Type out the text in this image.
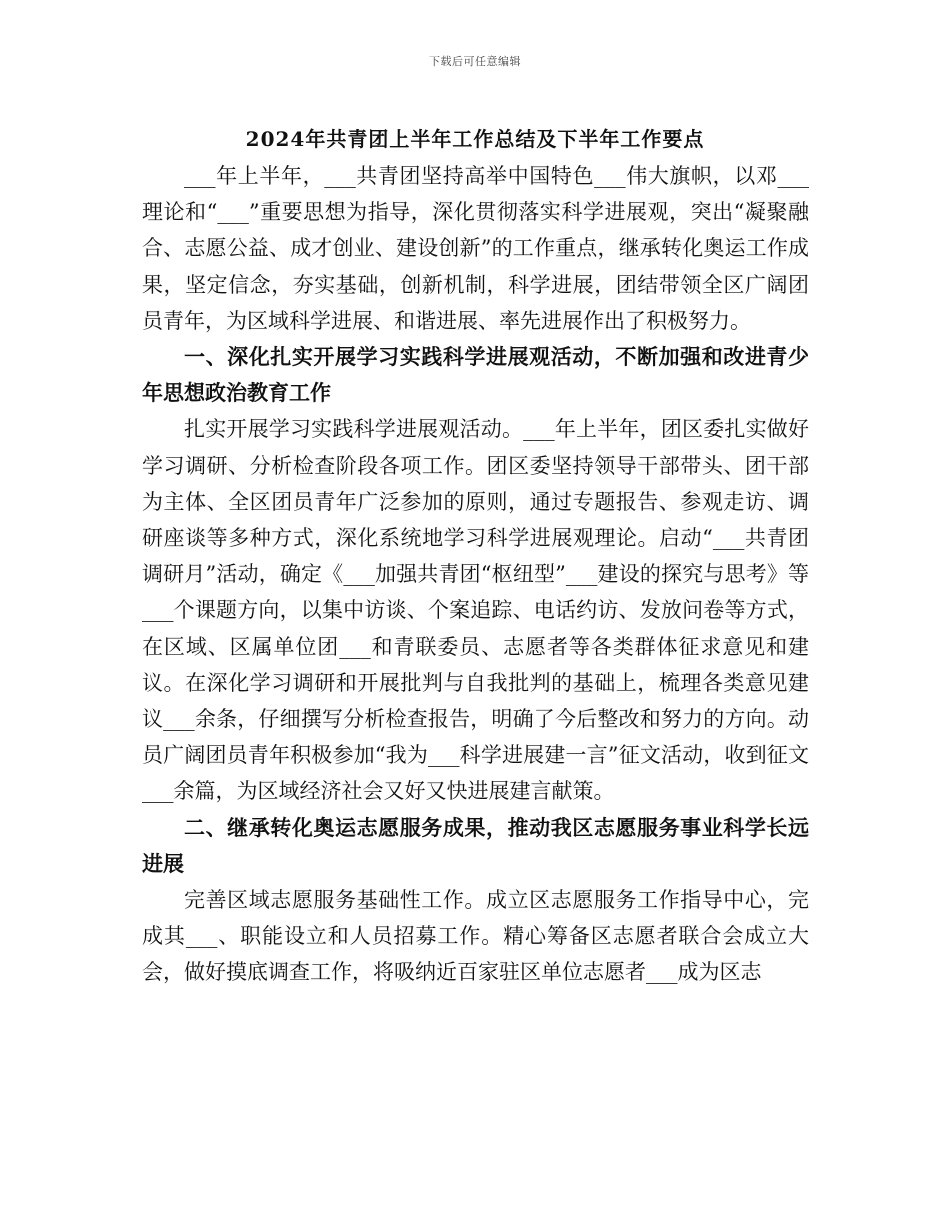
下载后可任意编辑
2024年共青团上半年工作总结及下半年工作要点

___年上半年，___共青团坚持高举中国特色___伟大旗帜，以邓___理论和“___”重要思想为指导，深化贯彻落实科学进展观，突出“凝聚融合、志愿公益、成才创业、建设创新”的工作重点，继承转化奥运工作成果，坚定信念，夯实基础，创新机制，科学进展，团结带领全区广阔团员青年，为区域科学进展、和谐进展、率先进展作出了积极努力。

一、深化扎实开展学习实践科学进展观活动，不断加强和改进青少年思想政治教育工作

扎实开展学习实践科学进展观活动。___年上半年，团区委扎实做好学习调研、分析检查阶段各项工作。团区委坚持领导干部带头、团干部为主体、全区团员青年广泛参加的原则，通过专题报告、参观走访、调研座谈等多种方式，深化系统地学习科学进展观理论。启动“___共青团调研月”活动，确定《___加强共青团“枢纽型”___建设的探究与思考》等___个课题方向，以集中访谈、个案追踪、电话约访、发放问卷等方式，在区域、区属单位团___和青联委员、志愿者等各类群体征求意见和建议。在深化学习调研和开展批判与自我批判的基础上，梳理各类意见建议___余条，仔细撰写分析检查报告，明确了今后整改和努力的方向。动员广阔团员青年积极参加“我为___科学进展建一言”征文活动，收到征文___余篇，为区域经济社会又好又快进展建言献策。

二、继承转化奥运志愿服务成果，推动我区志愿服务事业科学长远进展

完善区域志愿服务基础性工作。成立区志愿服务工作指导中心，完成其___、职能设立和人员招募工作。精心筹备区志愿者联合会成立大会，做好摸底调查工作，将吸纳近百家驻区单位志愿者___成为区志
